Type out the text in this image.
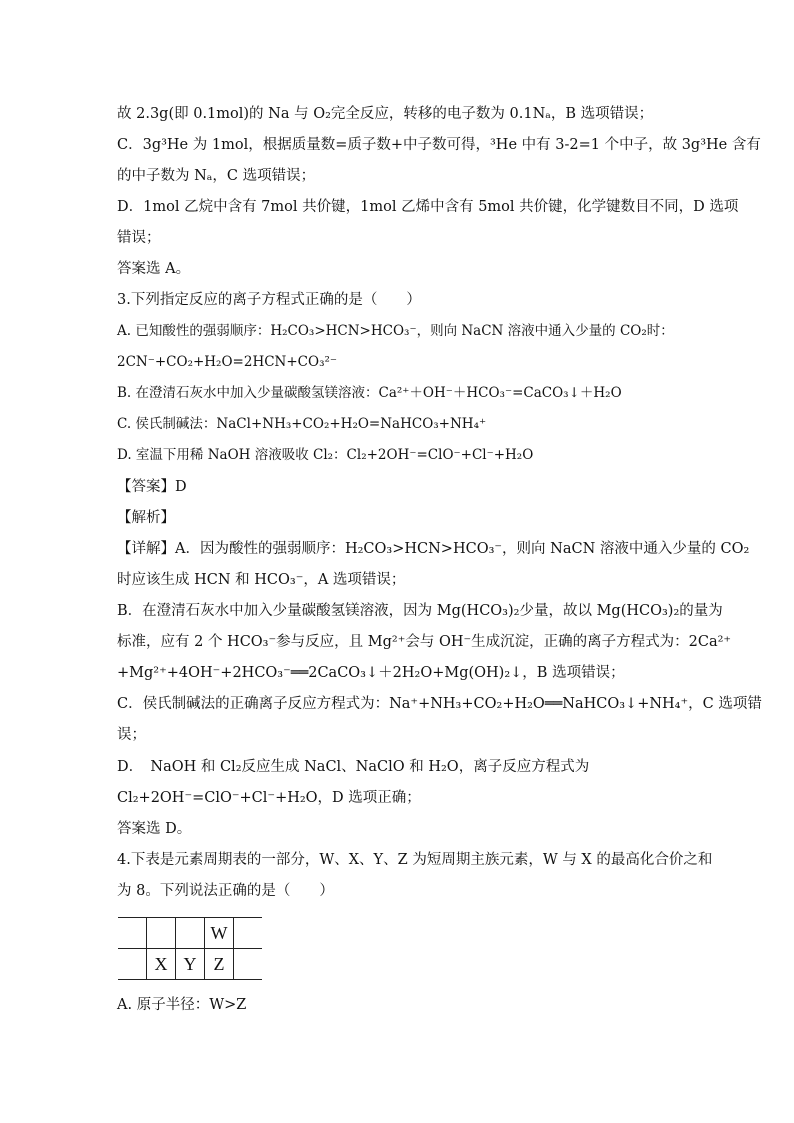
故 2.3g(即 0.1mol)的 Na 与 O₂完全反应，转移的电子数为 0.1Nₐ，B 选项错误；
C．3g³He 为 1mol，根据质量数=质子数+中子数可得，³He 中有 3-2=1 个中子，故 3g³He 含有
的中子数为 Nₐ，C 选项错误；
D．1mol 乙烷中含有 7mol 共价键，1mol 乙烯中含有 5mol 共价键，化学键数目不同，D 选项
错误；
答案选 A。
3.下列指定反应的离子方程式正确的是（　　）
A. 已知酸性的强弱顺序：H₂CO₃>HCN>HCO₃⁻，则向 NaCN 溶液中通入少量的 CO₂时：
2CN⁻+CO₂+H₂O=2HCN+CO₃²⁻
B. 在澄清石灰水中加入少量碳酸氢镁溶液：Ca²⁺＋OH⁻＋HCO₃⁻=CaCO₃↓＋H₂O
C. 侯氏制碱法：NaCl+NH₃+CO₂+H₂O=NaHCO₃+NH₄⁺
D. 室温下用稀 NaOH 溶液吸收 Cl₂：Cl₂+2OH⁻=ClO⁻+Cl⁻+H₂O
【答案】D
【解析】
【详解】A．因为酸性的强弱顺序：H₂CO₃>HCN>HCO₃⁻，则向 NaCN 溶液中通入少量的 CO₂
时应该生成 HCN 和 HCO₃⁻，A 选项错误；
B．在澄清石灰水中加入少量碳酸氢镁溶液，因为 Mg(HCO₃)₂少量，故以 Mg(HCO₃)₂的量为
标准，应有 2 个 HCO₃⁻参与反应，且 Mg²⁺会与 OH⁻生成沉淀，正确的离子方程式为：2Ca²⁺
+Mg²⁺+4OH⁻+2HCO₃⁻══2CaCO₃↓＋2H₂O+Mg(OH)₂↓，B 选项错误；
C．侯氏制碱法的正确离子反应方程式为：Na⁺+NH₃+CO₂+H₂O══NaHCO₃↓+NH₄⁺，C 选项错
误；
D．　NaOH 和 Cl₂反应生成 NaCl、NaClO 和 H₂O，离子反应方程式为
Cl₂+2OH⁻=ClO⁻+Cl⁻+H₂O，D 选项正确；
答案选 D。
4.下表是元素周期表的一部分，W、X、Y、Z 为短周期主族元素，W 与 X 的最高化合价之和
为 8。下列说法正确的是（　　）
			W	
	X	Y	Z	
A. 原子半径：W>Z
